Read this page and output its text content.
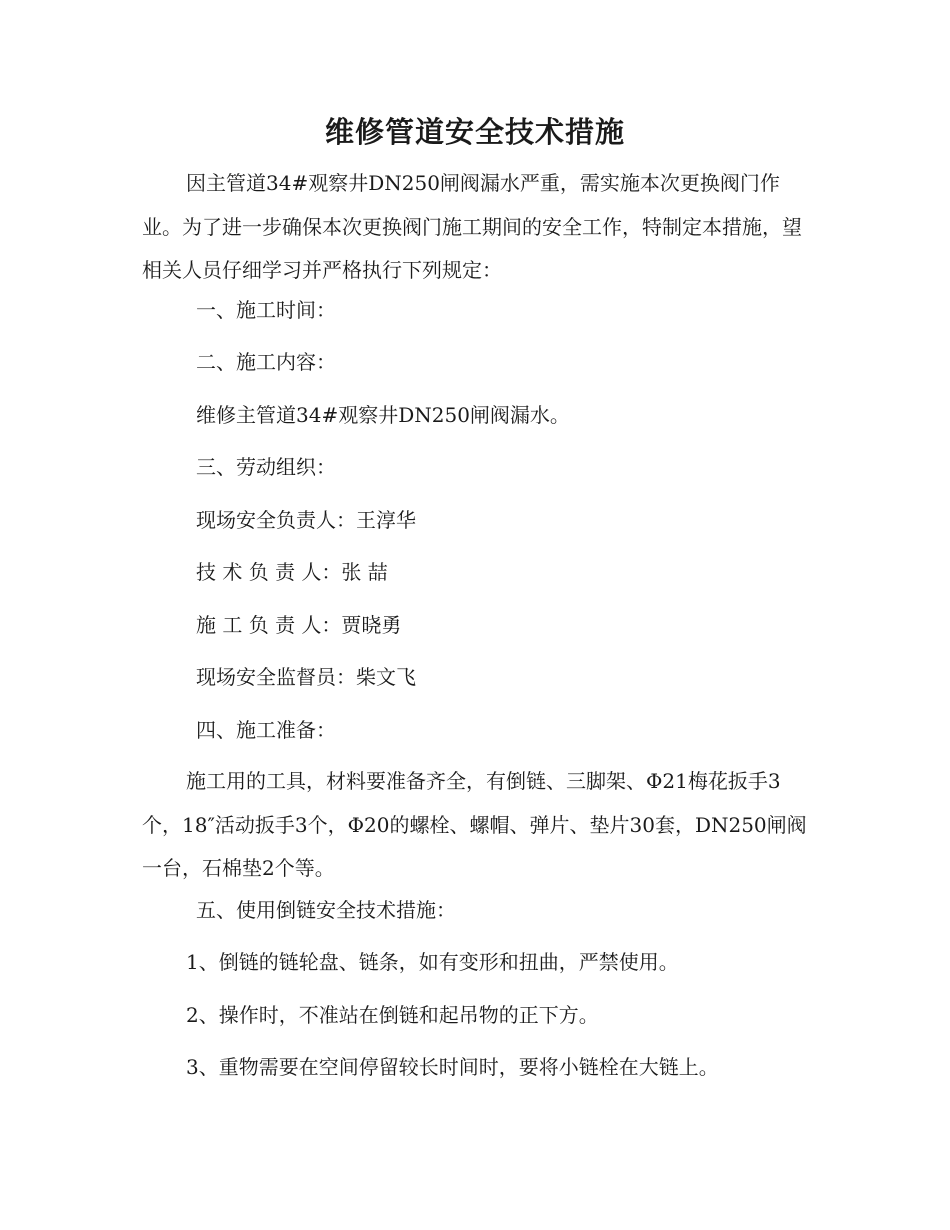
维修管道安全技术措施

因主管道34#观察井DN250闸阀漏水严重，需实施本次更换阀门作业。为了进一步确保本次更换阀门施工期间的安全工作，特制定本措施，望相关人员仔细学习并严格执行下列规定：

一、施工时间：

二、施工内容：

维修主管道34#观察井DN250闸阀漏水。

三、劳动组织：

现场安全负责人：王淳华

技 术 负 责 人：张 喆

施 工 负 责 人：贾晓勇

现场安全监督员：柴文飞

四、施工准备：

施工用的工具，材料要准备齐全，有倒链、三脚架、Φ21梅花扳手3个，18″活动扳手3个，Φ20的螺栓、螺帽、弹片、垫片30套，DN250闸阀一台，石棉垫2个等。

五、使用倒链安全技术措施：

1、倒链的链轮盘、链条，如有变形和扭曲，严禁使用。

2、操作时，不准站在倒链和起吊物的正下方。

3、重物需要在空间停留较长时间时，要将小链栓在大链上。
